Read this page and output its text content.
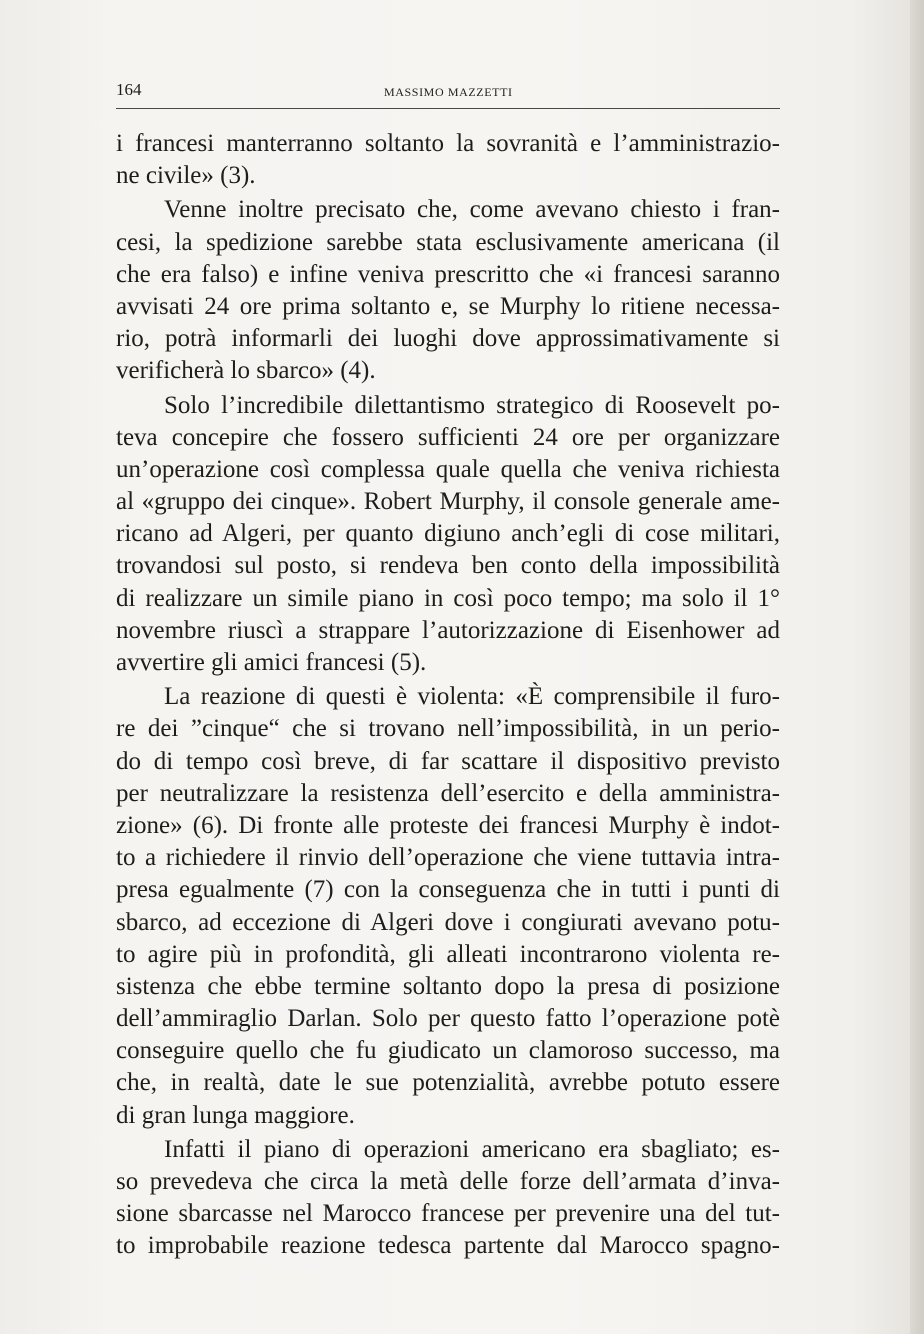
164	MASSIMO MAZZETTI
i francesi manterranno soltanto la sovranità e l’amministrazio-
ne civile» (3).
Venne inoltre precisato che, come avevano chiesto i fran-
cesi, la spedizione sarebbe stata esclusivamente americana (il
che era falso) e infine veniva prescritto che «i francesi saranno
avvisati 24 ore prima soltanto e, se Murphy lo ritiene necessa-
rio, potrà informarli dei luoghi dove approssimativamente si
verificherà lo sbarco» (4).
Solo l’incredibile dilettantismo strategico di Roosevelt po-
teva concepire che fossero sufficienti 24 ore per organizzare
un’operazione così complessa quale quella che veniva richiesta
al «gruppo dei cinque». Robert Murphy, il console generale ame-
ricano ad Algeri, per quanto digiuno anch’egli di cose militari,
trovandosi sul posto, si rendeva ben conto della impossibilità
di realizzare un simile piano in così poco tempo; ma solo il 1°
novembre riuscì a strappare l’autorizzazione di Eisenhower ad
avvertire gli amici francesi (5).
La reazione di questi è violenta: «È comprensibile il furo-
re dei ”cinque“ che si trovano nell’impossibilità, in un perio-
do di tempo così breve, di far scattare il dispositivo previsto
per neutralizzare la resistenza dell’esercito e della amministra-
zione» (6). Di fronte alle proteste dei francesi Murphy è indot-
to a richiedere il rinvio dell’operazione che viene tuttavia intra-
presa egualmente (7) con la conseguenza che in tutti i punti di
sbarco, ad eccezione di Algeri dove i congiurati avevano potu-
to agire più in profondità, gli alleati incontrarono violenta re-
sistenza che ebbe termine soltanto dopo la presa di posizione
dell’ammiraglio Darlan. Solo per questo fatto l’operazione potè
conseguire quello che fu giudicato un clamoroso successo, ma
che, in realtà, date le sue potenzialità, avrebbe potuto essere
di gran lunga maggiore.
Infatti il piano di operazioni americano era sbagliato; es-
so prevedeva che circa la metà delle forze dell’armata d’inva-
sione sbarcasse nel Marocco francese per prevenire una del tut-
to improbabile reazione tedesca partente dal Marocco spagno-
